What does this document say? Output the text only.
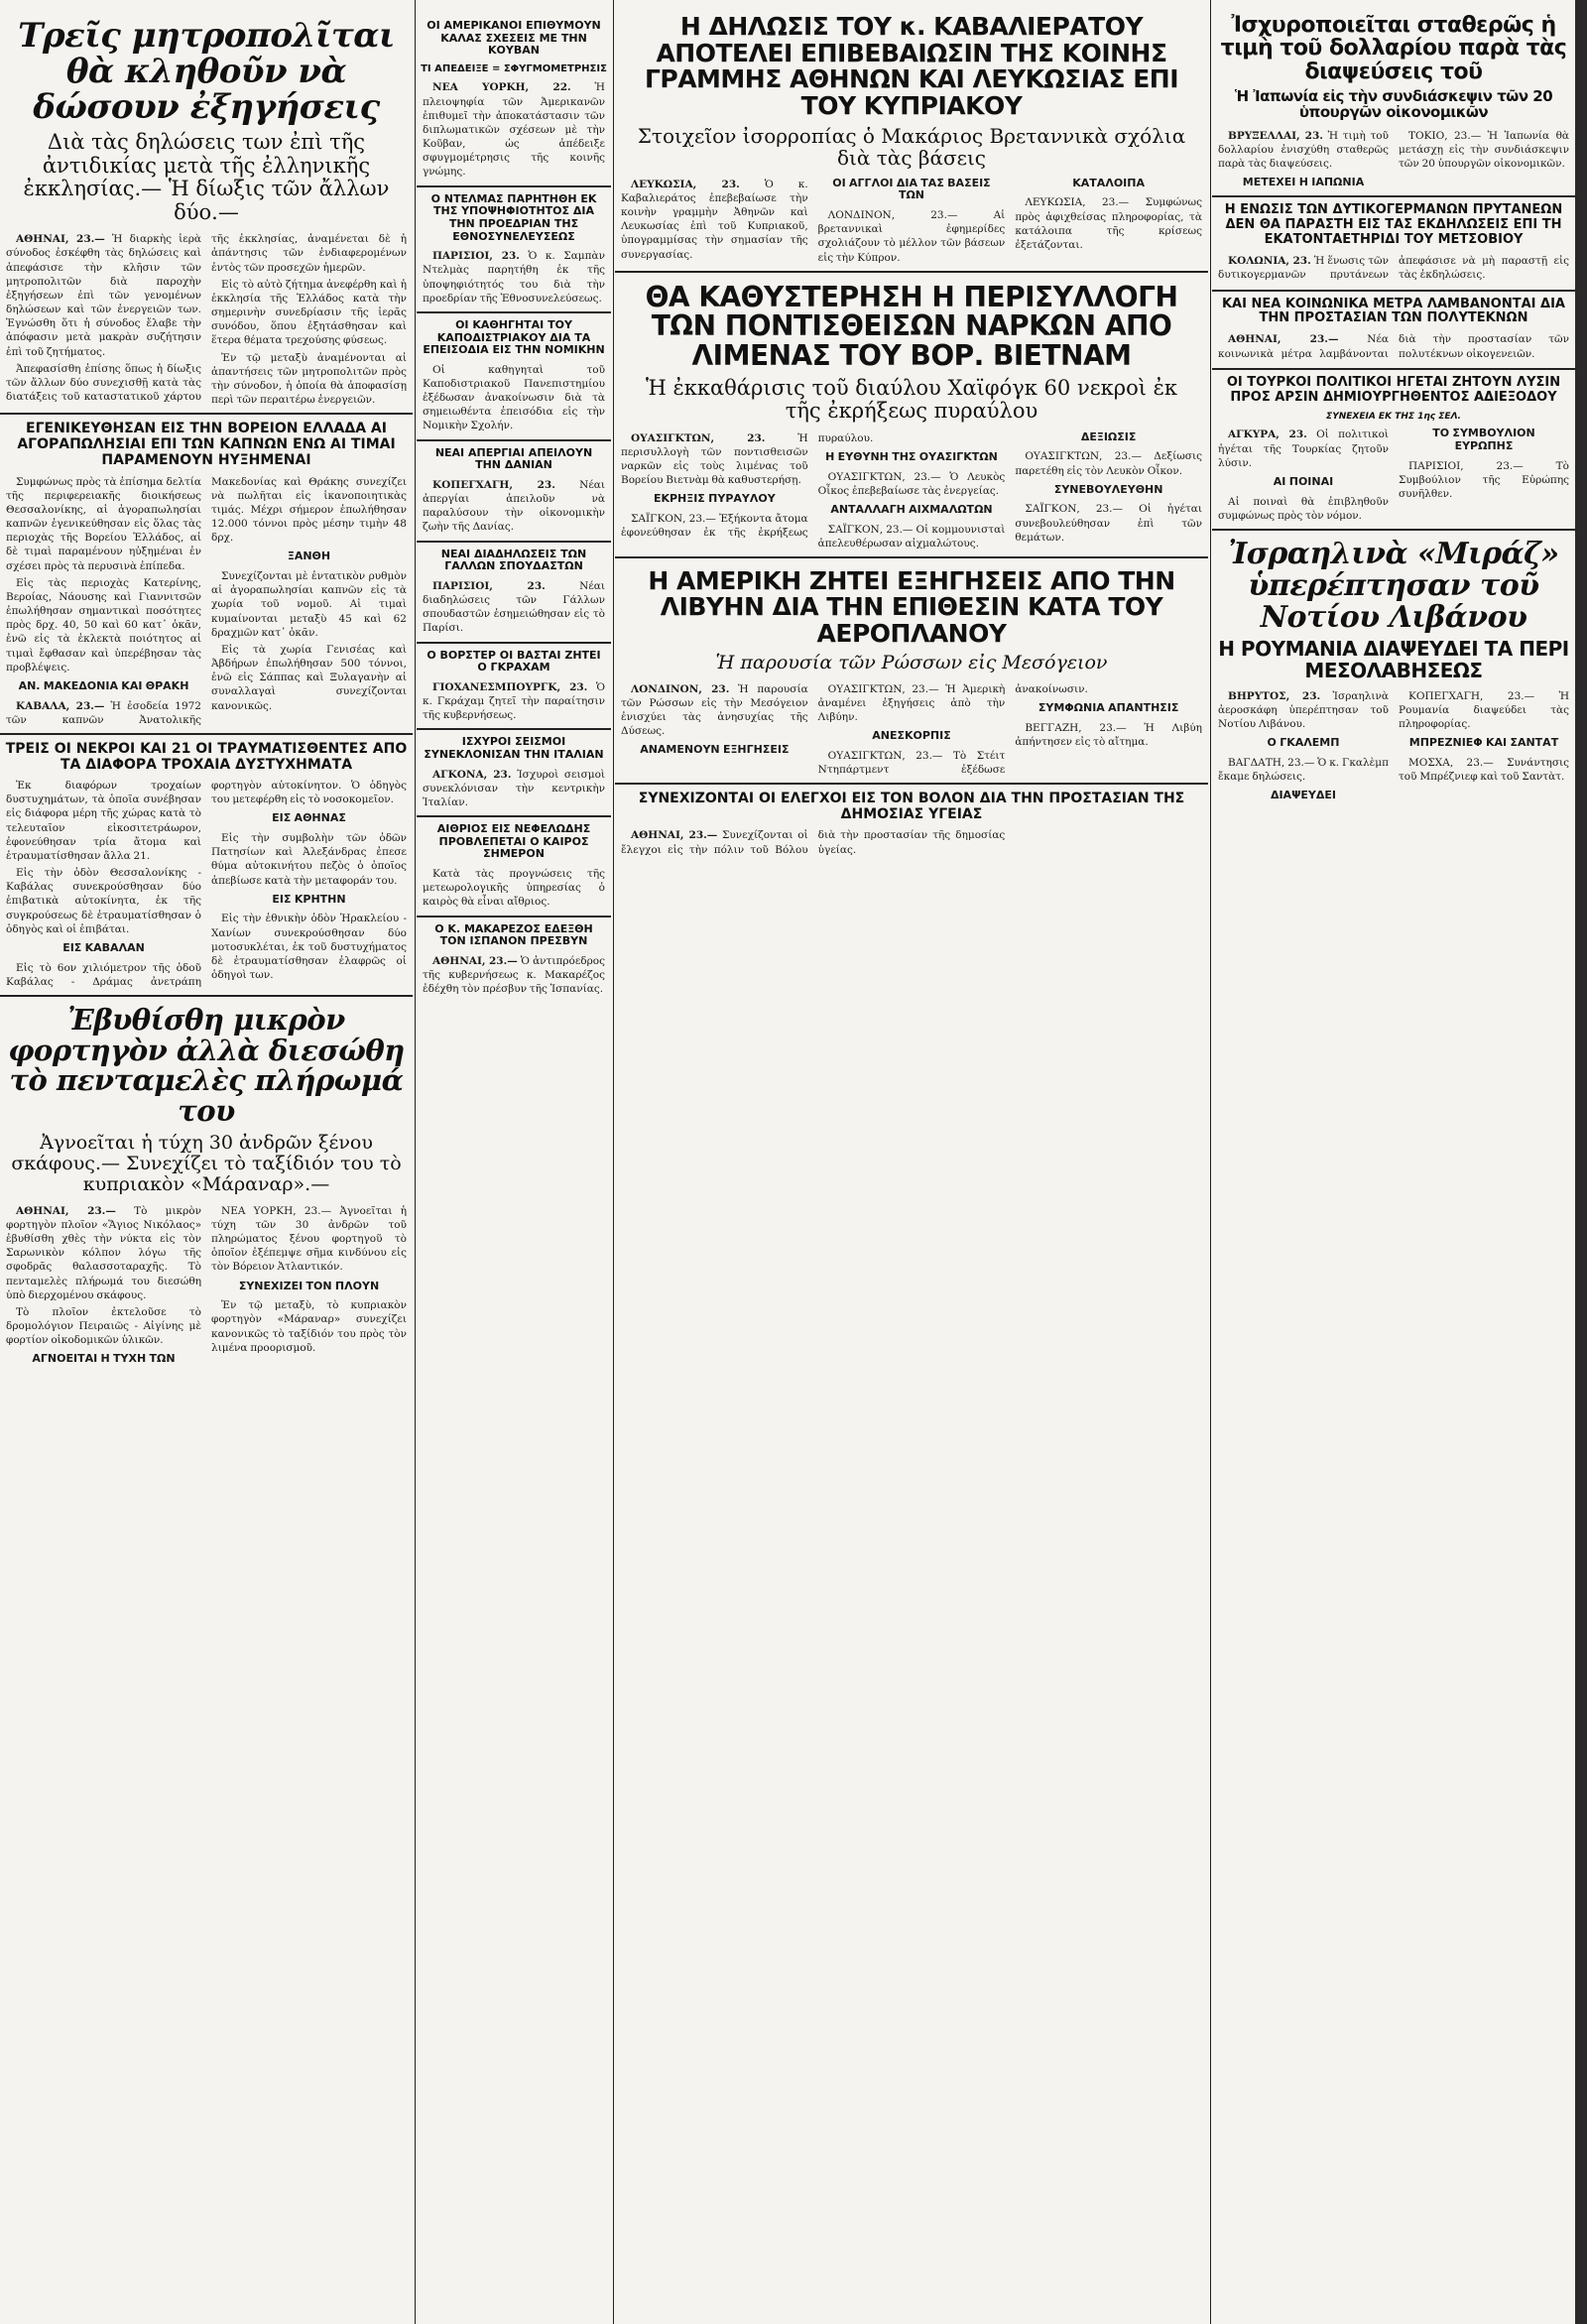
Τρεῖς μητροπολῖται θὰ κληθοῦν νὰ δώσουν ἐξηγήσεις
Διὰ τὰς δηλώσεις των ἐπὶ τῆς ἀντιδικίας μετὰ τῆς ἐλληνικῆς ἐκκλησίας.— Ἡ δίωξις τῶν ἄλλων δύο.—

ΑΘΗΝΑΙ, 23.— Ἡ διαρκὴς ἱερὰ σύνοδος ἐσκέφθη τὰς δηλώσεις καὶ ἀπεφάσισε τὴν κλῆσιν τῶν μητροπολιτῶν διὰ παροχὴν ἐξηγήσεων ἐπὶ τῶν γενομένων δηλώσεων καὶ τῶν ἐνεργειῶν των. Ἐγνώσθη ὅτι ἡ σύνοδος ἔλαβε τὴν ἀπόφασιν μετὰ μακρὰν συζήτησιν ἐπὶ τοῦ ζητήματος.

Ἀπεφασίσθη ἐπίσης ὅπως ἡ δίωξις τῶν ἄλλων δύο συνεχισθῇ κατὰ τὰς διατάξεις τοῦ καταστατικοῦ χάρτου τῆς ἐκκλησίας, ἀναμένεται δὲ ἡ ἀπάντησις τῶν ἐνδιαφερομένων ἐντὸς τῶν προσεχῶν ἡμερῶν.

Εἰς τὸ αὐτὸ ζήτημα ἀνεφέρθη καὶ ἡ ἐκκλησία τῆς Ἑλλάδος κατὰ τὴν σημερινὴν συνεδρίασιν τῆς ἱερᾶς συνόδου, ὅπου ἐξητάσθησαν καὶ ἕτερα θέματα τρεχούσης φύσεως.

Ἐν τῷ μεταξὺ ἀναμένονται αἱ ἀπαντήσεις τῶν μητροπολιτῶν πρὸς τὴν σύνοδον, ἡ ὁποία θὰ ἀποφασίσῃ περὶ τῶν περαιτέρω ἐνεργειῶν.

ΕΓΕΝΙΚΕΥΘΗΣΑΝ ΕΙΣ ΤΗΝ ΒΟΡΕΙΟΝ ΕΛΛΑΔΑ ΑΙ ΑΓΟΡΑΠΩΛΗΣΙΑΙ ΕΠΙ ΤΩΝ ΚΑΠΝΩΝ ΕΝΩ ΑΙ ΤΙΜΑΙ ΠΑΡΑΜΕΝΟΥΝ ΗΥΞΗΜΕΝΑΙ

Συμφώνως πρὸς τὰ ἐπίσημα δελτία τῆς περιφερειακῆς διοικήσεως Θεσσαλονίκης, αἱ ἀγοραπωλησίαι καπνῶν ἐγενικεύθησαν εἰς ὅλας τὰς περιοχὰς τῆς Βορείου Ἑλλάδος, αἱ δὲ τιμαὶ παραμένουν ηὐξημέναι ἐν σχέσει πρὸς τὰ περυσινὰ ἐπίπεδα.

Εἰς τὰς περιοχὰς Κατερίνης, Βεροίας, Νάουσης καὶ Γιαννιτσῶν ἐπωλήθησαν σημαντικαὶ ποσότητες πρὸς δρχ. 40, 50 καὶ 60 κατ᾽ ὀκᾶν, ἐνῶ εἰς τὰ ἐκλεκτὰ ποιότητος αἱ τιμαὶ ἔφθασαν καὶ ὑπερέβησαν τὰς προβλέψεις.

ΑΝ. ΜΑΚΕΔΟΝΙΑ ΚΑΙ ΘΡΑΚΗ

ΚΑΒΑΛΑ, 23.— Ἡ ἐσοδεία 1972 τῶν καπνῶν Ἀνατολικῆς Μακεδονίας καὶ Θράκης συνεχίζει νὰ πωλῆται εἰς ἱκανοποιητικὰς τιμάς. Μέχρι σήμερον ἐπωλήθησαν 12.000 τόννοι πρὸς μέσην τιμὴν 48 δρχ.

ΞΑΝΘΗ

Συνεχίζονται μὲ ἐντατικὸν ρυθμὸν αἱ ἀγοραπωλησίαι καπνῶν εἰς τὰ χωρία τοῦ νομοῦ. Αἱ τιμαὶ κυμαίνονται μεταξὺ 45 καὶ 62 δραχμῶν κατ᾽ ὀκᾶν.

Εἰς τὰ χωρία Γενισέας καὶ Ἀβδήρων ἐπωλήθησαν 500 τόννοι, ἐνῶ εἰς Σάππας καὶ Ξυλαγανὴν αἱ συναλλαγαὶ συνεχίζονται κανονικῶς.

ΤΡΕΙΣ ΟΙ ΝΕΚΡΟΙ ΚΑΙ 21 ΟΙ ΤΡΑΥΜΑΤΙΣΘΕΝΤΕΣ ΑΠΟ ΤΑ ΔΙΑΦΟΡΑ ΤΡΟΧΑΙΑ ΔΥΣΤΥΧΗΜΑΤΑ

Ἐκ διαφόρων τροχαίων δυστυχημάτων, τὰ ὁποῖα συνέβησαν εἰς διάφορα μέρη τῆς χώρας κατὰ τὸ τελευταῖον εἰκοσιτετράωρον, ἐφονεύθησαν τρία ἄτομα καὶ ἐτραυματίσθησαν ἄλλα 21.

Εἰς τὴν ὁδὸν Θεσσαλονίκης - Καβάλας συνεκρούσθησαν δύο ἐπιβατικὰ αὐτοκίνητα, ἐκ τῆς συγκρούσεως δὲ ἐτραυματίσθησαν ὁ ὁδηγὸς καὶ οἱ ἐπιβάται.

ΕΙΣ ΚΑΒΑΛΑΝ

Εἰς τὸ 6ον χιλιόμετρον τῆς ὁδοῦ Καβάλας - Δράμας ἀνετράπη φορτηγὸν αὐτοκίνητον. Ὁ ὁδηγὸς του μετεφέρθη εἰς τὸ νοσοκομεῖον.

ΕΙΣ ΑΘΗΝΑΣ

Εἰς τὴν συμβολὴν τῶν ὁδῶν Πατησίων καὶ Ἀλεξάνδρας ἐπεσε θύμα αὐτοκινήτου πεζὸς ὁ ὁποῖος ἀπεβίωσε κατὰ τὴν μεταφοράν του.

ΕΙΣ ΚΡΗΤΗΝ

Εἰς τὴν ἐθνικὴν ὁδὸν Ἡρακλείου - Χανίων συνεκρούσθησαν δύο μοτοσυκλέται, ἐκ τοῦ δυστυχήματος δὲ ἐτραυματίσθησαν ἐλαφρῶς οἱ ὁδηγοὶ των.

Ἐβυθίσθη μικρὸν φορτηγὸν ἀλλὰ διεσώθη τὸ πενταμελὲς πλήρωμά του
Ἀγνοεῖται ἡ τύχη 30 ἀνδρῶν ξένου σκάφους.— Συνεχίζει τὸ ταξίδιόν του τὸ κυπριακὸν «Μάραναρ».—

ΑΘΗΝΑΙ, 23.— Τὸ μικρὸν φορτηγὸν πλοῖον «Ἅγιος Νικόλαος» ἐβυθίσθη χθὲς τὴν νύκτα εἰς τὸν Σαρωνικὸν κόλπον λόγω τῆς σφοδρᾶς θαλασσοταραχῆς. Τὸ πενταμελὲς πλήρωμά του διεσώθη ὑπὸ διερχομένου σκάφους.

Τὸ πλοῖον ἐκτελοῦσε τὸ δρομολόγιον Πειραιῶς - Αἰγίνης μὲ φορτίον οἰκοδομικῶν ὑλικῶν.

ΑΓΝΟΕΙΤΑΙ Η ΤΥΧΗ ΤΩΝ

ΝΕΑ ΥΟΡΚΗ, 23.— Ἀγνοεῖται ἡ τύχη τῶν 30 ἀνδρῶν τοῦ πληρώματος ξένου φορτηγοῦ τὸ ὁποῖον ἐξέπεμψε σῆμα κινδύνου εἰς τὸν Βόρειον Ἀτλαντικόν.

ΣΥΝΕΧΙΖΕΙ ΤΟΝ ΠΛΟΥΝ

Ἐν τῷ μεταξὺ, τὸ κυπριακὸν φορτηγὸν «Μάραναρ» συνεχίζει κανονικῶς τὸ ταξίδιόν του πρὸς τὸν λιμένα προορισμοῦ.

ΟΙ ΑΜΕΡΙΚΑΝΟΙ ΕΠΙΘΥΜΟΥΝ ΚΑΛΑΣ ΣΧΕΣΕΙΣ ΜΕ ΤΗΝ ΚΟΥΒΑΝ
ΤΙ ΑΠΕΔΕΙΞΕ = ΣΦΥΓΜΟΜΕΤΡΗΣΙΣ

ΝΕΑ ΥΟΡΚΗ, 22. Ἡ πλειοψηφία τῶν Ἀμερικανῶν ἐπιθυμεῖ τὴν ἀποκατάστασιν τῶν διπλωματικῶν σχέσεων μὲ τὴν Κοῦβαν, ὡς ἀπέδειξε σφυγμομέτρησις τῆς κοινῆς γνώμης.

Ο ΝΤΕΛΜΑΣ ΠΑΡΗΤΗΘΗ ΕΚ ΤΗΣ ΥΠΟΨΗΦΙΟΤΗΤΟΣ ΔΙΑ ΤΗΝ ΠΡΟΕΔΡΙΑΝ ΤΗΣ ΕΘΝΟΣΥΝΕΛΕΥΣΕΩΣ

ΠΑΡΙΣΙΟΙ, 23. Ὁ κ. Σαμπὰν Ντελμὰς παρητήθη ἐκ τῆς ὑποψηφιότητός του διὰ τὴν προεδρίαν τῆς Ἐθνοσυνελεύσεως.

ΟΙ ΚΑΘΗΓΗΤΑΙ ΤΟΥ ΚΑΠΟΔΙΣΤΡΙΑΚΟΥ ΔΙΑ ΤΑ ΕΠΕΙΣΟΔΙΑ ΕΙΣ ΤΗΝ ΝΟΜΙΚΗΝ

Οἱ καθηγηταὶ τοῦ Καποδιστριακοῦ Πανεπιστημίου ἐξέδωσαν ἀνακοίνωσιν διὰ τὰ σημειωθέντα ἐπεισόδια εἰς τὴν Νομικὴν Σχολήν.

ΝΕΑΙ ΑΠΕΡΓΙΑΙ ΑΠΕΙΛΟΥΝ ΤΗΝ ΔΑΝΙΑΝ

ΚΟΠΕΓΧΑΓΗ, 23. Νέαι ἀπεργίαι ἀπειλοῦν νὰ παραλύσουν τὴν οἰκονομικὴν ζωὴν τῆς Δανίας.

ΝΕΑΙ ΔΙΑΔΗΛΩΣΕΙΣ ΤΩΝ ΓΑΛΛΩΝ ΣΠΟΥΔΑΣΤΩΝ

ΠΑΡΙΣΙΟΙ, 23. Νέαι διαδηλώσεις τῶν Γάλλων σπουδαστῶν ἐσημειώθησαν εἰς τὸ Παρίσι.

Ο ΒΟΡΣΤΕΡ ΟΙ ΒΑΣΤΑΙ ΖΗΤΕΙ Ο ΓΚΡΑΧΑΜ

ΓΙΟΧΑΝΕΣΜΠΟΥΡΓΚ, 23. Ὁ κ. Γκράχαμ ζητεῖ τὴν παραίτησιν τῆς κυβερνήσεως.

ΙΣΧΥΡΟΙ ΣΕΙΣΜΟΙ ΣΥΝΕΚΛΟΝΙΣΑΝ ΤΗΝ ΙΤΑΛΙΑΝ

ΑΓΚΟΝΑ, 23. Ἰσχυροὶ σεισμοὶ συνεκλόνισαν τὴν κεντρικὴν Ἰταλίαν.

ΑΙΘΡΙΟΣ ΕΙΣ ΝΕΦΕΛΩΔΗΣ ΠΡΟΒΛΕΠΕΤΑΙ Ο ΚΑΙΡΟΣ ΣΗΜΕΡΟΝ

Κατὰ τὰς προγνώσεις τῆς μετεωρολογικῆς ὑπηρεσίας ὁ καιρὸς θὰ εἶναι αἴθριος.

Ο Κ. ΜΑΚΑΡΕΖΟΣ ΕΔΕΞΘΗ ΤΟΝ ΙΣΠΑΝΟΝ ΠΡΕΣΒΥΝ

ΑΘΗΝΑΙ, 23.— Ὁ ἀντιπρόεδρος τῆς κυβερνήσεως κ. Μακαρέζος ἐδέχθη τὸν πρέσβυν τῆς Ἱσπανίας.

Η ΔΗΛΩΣΙΣ ΤΟΥ κ. ΚΑΒΑΛΙΕΡΑΤΟΥ ΑΠΟΤΕΛΕΙ ΕΠΙΒΕΒΑΙΩΣΙΝ ΤΗΣ ΚΟΙΝΗΣ ΓΡΑΜΜΗΣ ΑΘΗΝΩΝ ΚΑΙ ΛΕΥΚΩΣΙΑΣ ΕΠΙ ΤΟΥ ΚΥΠΡΙΑΚΟΥ
Στοιχεῖον ἰσορροπίας ὁ Μακάριος Βρεταννικὰ σχόλια διὰ τὰς βάσεις

ΛΕΥΚΩΣΙΑ, 23. Ὁ κ. Καβαλιεράτος ἐπεβεβαίωσε τὴν κοινὴν γραμμὴν Ἀθηνῶν καὶ Λευκωσίας ἐπὶ τοῦ Κυπριακοῦ, ὑπογραμμίσας τὴν σημασίαν τῆς συνεργασίας.

ΟΙ ΑΓΓΛΟΙ ΔΙΑ ΤΑΣ ΒΑΣΕΙΣ ΤΩΝ

ΛΟΝΔΙΝΟΝ, 23.— Αἱ βρεταννικαὶ ἐφημερίδες σχολιάζουν τὸ μέλλον τῶν βάσεων εἰς τὴν Κύπρον.

ΚΑΤΑΛΟΙΠΑ

ΛΕΥΚΩΣΙΑ, 23.— Συμφώνως πρὸς ἀφιχθείσας πληροφορίας, τὰ κατάλοιπα τῆς κρίσεως ἐξετάζονται.

ΘΑ ΚΑΘΥΣΤΕΡΗΣΗ Η ΠΕΡΙΣΥΛΛΟΓΗ ΤΩΝ ΠΟΝΤΙΣΘΕΙΣΩΝ ΝΑΡΚΩΝ ΑΠΟ ΛΙΜΕΝΑΣ ΤΟΥ ΒΟΡ. ΒΙΕΤΝΑΜ
Ἡ ἐκκαθάρισις τοῦ διαύλου Χαϊφόγκ 60 νεκροὶ ἐκ τῆς ἐκρήξεως πυραύλου

ΟΥΑΣΙΓΚΤΩΝ, 23. Ἡ περισυλλογὴ τῶν ποντισθεισῶν ναρκῶν εἰς τοὺς λιμένας τοῦ Βορείου Βιετνὰμ θὰ καθυστερήσῃ.

ΕΚΡΗΞΙΣ ΠΥΡΑΥΛΟΥ

ΣΑΪΓΚΟΝ, 23.— Ἐξήκοντα ἄτομα ἐφονεύθησαν ἐκ τῆς ἐκρήξεως πυραύλου.

Η ΕΥΘΥΝΗ ΤΗΣ ΟΥΑΣΙΓΚΤΩΝ

ΟΥΑΣΙΓΚΤΩΝ, 23.— Ὁ Λευκὸς Οἶκος ἐπεβεβαίωσε τὰς ἐνεργείας.

ΑΝΤΑΛΛΑΓΗ ΑΙΧΜΑΛΩΤΩΝ

ΣΑΪΓΚΟΝ, 23.— Οἱ κομμουνισταὶ ἀπελευθέρωσαν αἰχμαλώτους.

ΔΕΞΙΩΣΙΣ

ΟΥΑΣΙΓΚΤΩΝ, 23.— Δεξίωσις παρετέθη εἰς τὸν Λευκὸν Οἶκον.

ΣΥΝΕΒΟΥΛΕΥΘΗΝ

ΣΑΪΓΚΟΝ, 23.— Οἱ ἡγέται συνεβουλεύθησαν ἐπὶ τῶν θεμάτων.

Η ΑΜΕΡΙΚΗ ΖΗΤΕΙ ΕΞΗΓΗΣΕΙΣ ΑΠΟ ΤΗΝ ΛΙΒΥΗΝ ΔΙΑ ΤΗΝ ΕΠΙΘΕΣΙΝ ΚΑΤΑ ΤΟΥ ΑΕΡΟΠΛΑΝΟΥ
Ἡ παρουσία τῶν Ρώσσων εἰς Μεσόγειον

ΛΟΝΔΙΝΟΝ, 23. Ἡ παρουσία τῶν Ρώσσων εἰς τὴν Μεσόγειον ἐνισχύει τὰς ἀνησυχίας τῆς Δύσεως.

ΑΝΑΜΕΝΟΥΝ ΕΞΗΓΗΣΕΙΣ

ΟΥΑΣΙΓΚΤΩΝ, 23.— Ἡ Ἀμερικὴ ἀναμένει ἐξηγήσεις ἀπὸ τὴν Λιβύην.

ΑΝΕΣΚΟΡΠΙΣ

ΟΥΑΣΙΓΚΤΩΝ, 23.— Τὸ Στέιτ Ντηπάρτμεντ ἐξέδωσε ἀνακοίνωσιν.

ΣΥΜΦΩΝΙΑ ΑΠΑΝΤΗΣΙΣ

ΒΕΓΓΑΖΗ, 23.— Ἡ Λιβύη ἀπήντησεν εἰς τὸ αἴτημα.

ΣΥΝΕΧΙΖΟΝΤΑΙ ΟΙ ΕΛΕΓΧΟΙ ΕΙΣ ΤΟΝ ΒΟΛΟΝ ΔΙΑ ΤΗΝ ΠΡΟΣΤΑΣΙΑΝ ΤΗΣ ΔΗΜΟΣΙΑΣ ΥΓΕΙΑΣ

ΑΘΗΝΑΙ, 23.— Συνεχίζονται οἱ ἔλεγχοι εἰς τὴν πόλιν τοῦ Βόλου διὰ τὴν προστασίαν τῆς δημοσίας ὑγείας.

Ἰσχυροποιεῖται σταθερῶς ἡ τιμὴ τοῦ δολλαρίου παρὰ τὰς διαψεύσεις τοῦ
Ἡ Ἰαπωνία εἰς τὴν συνδιάσκεψιν τῶν 20 ὑπουργῶν οἰκονομικῶν

ΒΡΥΞΕΛΛΑΙ, 23. Ἡ τιμὴ τοῦ δολλαρίου ἐνισχύθη σταθερῶς παρὰ τὰς διαψεύσεις.

ΜΕΤΕΧΕΙ Η ΙΑΠΩΝΙΑ

ΤΟΚΙΟ, 23.— Ἡ Ἰαπωνία θὰ μετάσχῃ εἰς τὴν συνδιάσκεψιν τῶν 20 ὑπουργῶν οἰκονομικῶν.

Η ΕΝΩΣΙΣ ΤΩΝ ΔΥΤΙΚΟΓΕΡΜΑΝΩΝ ΠΡΥΤΑΝΕΩΝ ΔΕΝ ΘΑ ΠΑΡΑΣΤΗ ΕΙΣ ΤΑΣ ΕΚΔΗΛΩΣΕΙΣ ΕΠΙ ΤΗ ΕΚΑΤΟΝΤΑΕΤΗΡΙΔΙ ΤΟΥ ΜΕΤΣΟΒΙΟΥ

ΚΟΛΩΝΙΑ, 23. Ἡ ἕνωσις τῶν δυτικογερμανῶν πρυτάνεων ἀπεφάσισε νὰ μὴ παραστῇ εἰς τὰς ἐκδηλώσεις.

ΚΑΙ ΝΕΑ ΚΟΙΝΩΝΙΚΑ ΜΕΤΡΑ ΛΑΜΒΑΝΟΝΤΑΙ ΔΙΑ ΤΗΝ ΠΡΟΣΤΑΣΙΑΝ ΤΩΝ ΠΟΛΥΤΕΚΝΩΝ

ΑΘΗΝΑΙ, 23.— Νέα κοινωνικὰ μέτρα λαμβάνονται διὰ τὴν προστασίαν τῶν πολυτέκνων οἰκογενειῶν.

ΟΙ ΤΟΥΡΚΟΙ ΠΟΛΙΤΙΚΟΙ ΗΓΕΤΑΙ ΖΗΤΟΥΝ ΛΥΣΙΝ ΠΡΟΣ ΑΡΣΙΝ ΔΗΜΙΟΥΡΓΗΘΕΝΤΟΣ ΑΔΙΕΞΟΔΟΥ
ΣΥΝΕΧΕΙΑ ΕΚ ΤΗΣ 1ης ΣΕΛ.

ΑΓΚΥΡΑ, 23. Οἱ πολιτικοὶ ἡγέται τῆς Τουρκίας ζητοῦν λύσιν.

ΑΙ ΠΟΙΝΑΙ

Αἱ ποιναὶ θὰ ἐπιβληθοῦν συμφώνως πρὸς τὸν νόμον.

ΤΟ ΣΥΜΒΟΥΛΙΟΝ ΕΥΡΩΠΗΣ

ΠΑΡΙΣΙΟΙ, 23.— Τὸ Συμβούλιον τῆς Εὐρώπης συνῆλθεν.

Ἰσραηλινὰ «Μιράζ» ὑπερέπτησαν τοῦ Νοτίου Λιβάνου
Η ΡΟΥΜΑΝΙΑ ΔΙΑΨΕΥΔΕΙ ΤΑ ΠΕΡΙ ΜΕΣΟΛΑΒΗΣΕΩΣ

ΒΗΡΥΤΟΣ, 23. Ἰσραηλινὰ ἀεροσκάφη ὑπερέπτησαν τοῦ Νοτίου Λιβάνου.

Ο ΓΚΑΛΕΜΠ

ΒΑΓΔΑΤΗ, 23.— Ὁ κ. Γκαλὲμπ ἔκαμε δηλώσεις.

ΔΙΑΨΕΥΔΕΙ

ΚΟΠΕΓΧΑΓΗ, 23.— Ἡ Ρουμανία διαψεύδει τὰς πληροφορίας.

ΜΠΡΕΖΝΙΕΦ ΚΑΙ ΣΑΝΤΑΤ

ΜΟΣΧΑ, 23.— Συνάντησις τοῦ Μπρέζνιεφ καὶ τοῦ Σαντὰτ.
